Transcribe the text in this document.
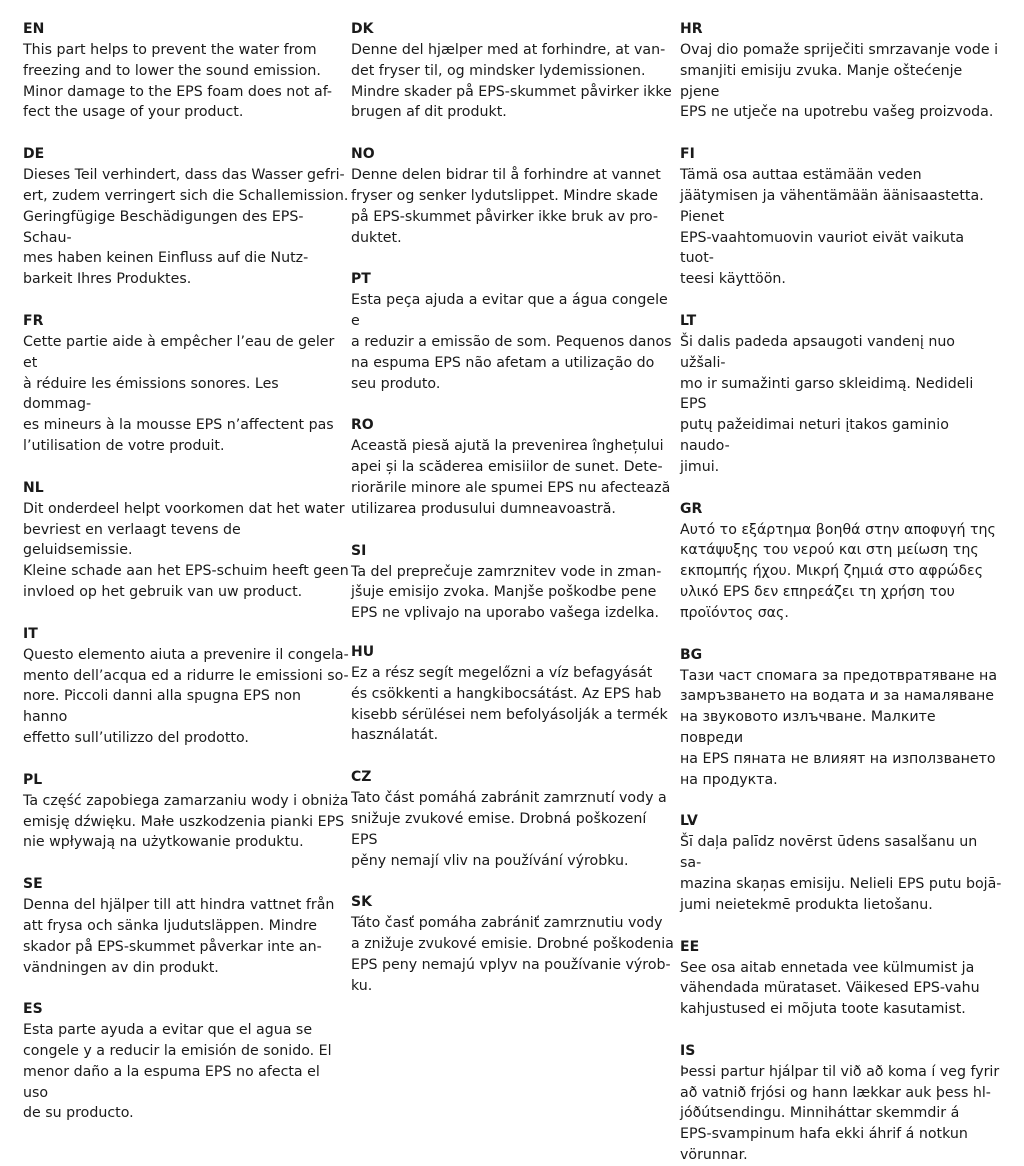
EN

This part helps to prevent the water from
freezing and to lower the sound emission.
Minor damage to the EPS foam does not af-
fect the usage of your product.

DE

Dieses Teil verhindert, dass das Wasser gefri-
ert, zudem verringert sich die Schallemission.
Geringfügige Beschädigungen des EPS-Schau-
mes haben keinen Einfluss auf die Nutz-
barkeit Ihres Produktes.

FR

Cette partie aide à empêcher l’eau de geler et
à réduire les émissions sonores. Les dommag-
es mineurs à la mousse EPS n’affectent pas
l’utilisation de votre produit.

NL

Dit onderdeel helpt voorkomen dat het water
bevriest en verlaagt tevens de geluidsemissie.
Kleine schade aan het EPS-schuim heeft geen
invloed op het gebruik van uw product.

IT

Questo elemento aiuta a prevenire il congela-
mento dell’acqua ed a ridurre le emissioni so-
nore. Piccoli danni alla spugna EPS non hanno
effetto sull’utilizzo del prodotto.

PL

Ta część zapobiega zamarzaniu wody i obniża
emisję dźwięku. Małe uszkodzenia pianki EPS
nie wpływają na użytkowanie produktu.

SE

Denna del hjälper till att hindra vattnet från
att frysa och sänka ljudutsläppen. Mindre
skador på EPS-skummet påverkar inte an-
vändningen av din produkt.

ES

Esta parte ayuda a evitar que el agua se
congele y a reducir la emisión de sonido. El
menor daño a la espuma EPS no afecta el uso
de su producto.

DK

Denne del hjælper med at forhindre, at van-
det fryser til, og mindsker lydemissionen.
Mindre skader på EPS-skummet påvirker ikke
brugen af dit produkt.

NO

Denne delen bidrar til å forhindre at vannet
fryser og senker lydutslippet. Mindre skade
på EPS-skummet påvirker ikke bruk av pro-
duktet.

PT

Esta peça ajuda a evitar que a água congele e
a reduzir a emissão de som. Pequenos danos
na espuma EPS não afetam a utilização do
seu produto.

RO

Această piesă ajută la prevenirea înghețului
apei și la scăderea emisiilor de sunet. Dete-
riorările minore ale spumei EPS nu afectează
utilizarea produsului dumneavoastră.

SI

Ta del preprečuje zamrznitev vode in zman-
jšuje emisijo zvoka. Manjše poškodbe pene
EPS ne vplivajo na uporabo vašega izdelka.

HU

Ez a rész segít megelőzni a víz befagyását
és csökkenti a hangkibocsátást. Az EPS hab
kisebb sérülései nem befolyásolják a termék
használatát.

CZ

Tato část pomáhá zabránit zamrznutí vody a
snižuje zvukové emise. Drobná poškození EPS
pěny nemají vliv na používání výrobku.

SK

Táto časť pomáha zabrániť zamrznutiu vody
a znižuje zvukové emisie. Drobné poškodenia
EPS peny nemajú vplyv na používanie výrob-
ku.

HR

Ovaj dio pomaže spriječiti smrzavanje vode i
smanjiti emisiju zvuka. Manje oštećenje pjene
EPS ne utječe na upotrebu vašeg proizvoda.

FI

Tämä osa auttaa estämään veden jäätymisen ja vähentämään äänisaastetta. Pienet
EPS-vaahtomuovin vauriot eivät vaikuta tuot-
teesi käyttöön.

LT

Ši dalis padeda apsaugoti vandenį nuo užšali-
mo ir sumažinti garso skleidimą. Nedideli EPS
putų pažeidimai neturi įtakos gaminio naudo-
jimui.

GR

Αυτό το εξάρτημα βοηθά στην αποφυγή της
κατάψυξης του νερού και στη μείωση της
εκπομπής ήχου. Μικρή ζημιά στο αφρώδες
υλικό EPS δεν επηρεάζει τη χρήση του
προϊόντος σας.

BG

Тази част спомага за предотвратяване на
замръзването на водата и за намаляване
на звуковото излъчване. Малките повреди
на EPS пяната не влияят на използването
на продукта.

LV

Šī daļa palīdz novērst ūdens sasalšanu un sa-
mazina skaņas emisiju. Nelieli EPS putu bojā-
jumi neietekmē produkta lietošanu.

EE

See osa aitab ennetada vee külmumist ja
vähendada mürataset. Väikesed EPS-vahu
kahjustused ei mõjuta toote kasutamist.

IS

Þessi partur hjálpar til við að koma í veg fyrir
að vatnið frjósi og hann lækkar auk þess hl-
jóðútsendingu. Minniháttar skemmdir á
EPS-svampinum hafa ekki áhrif á notkun
vörunnar.
